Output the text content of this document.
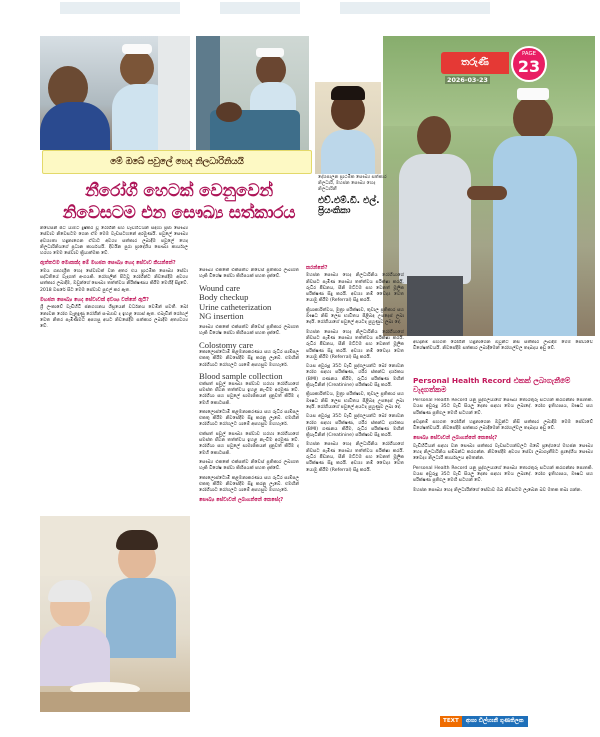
තරුණී
PAGE
23
2026-03-23
මේ ඔබේ පවුලේ හෙද නිලධාරිනියයි
නීරෝගී හෙටක් වෙනුවෙන්
නිවෙසටම එන සෞඛ්‍ය සත්කාරය
දේශපාලන ප්‍රාථමික සෞඛ්‍ය සත්කාර නිලධාරී, මහජන සෞඛ්‍ය හෙද නිලධාරිනී
එච්.එම්.ඩී. එල්. ප්‍රියංකිකා

නිවෙසින් පිට යාමට දුෂ්කර වූ රෝගීන් සහ වැඩිහිටියන් සඳහා ප්‍රජා සෞඛ්‍ය සේවාව නිවෙසටම ගෙන ඒම මෙම වැඩසටහනේ අරමුණයි. පවුලේ සෞඛ්‍ය අවශ්‍යතා හඳුනාගෙන ඒවාට අවශ්‍ය සත්කාර ලබාදීම පවුලේ හෙද නිලධාරිනියගේ ප්‍රධාන කාර්යයයි. දිවයින පුරා ප්‍රාදේශීය සෞඛ්‍ය කාර්යාල හරහා මෙම සේවාව ක්‍රියාත්මක වේ.

ඇත්තටම මොකක්ද මේ මහජන සෞඛ්‍ය හෙද සේවාව කියන්නේ?

මෙය ගෘහාශ්‍රිත හෙද සේවාවක් වන අතර එය ප්‍රාථමික සෞඛ්‍ය සේවා පද්ධතියේ වැදගත් අංගයකි. රෝහලින් පිටවූ රෝගීන්ට නිවසේදීම අවශ්‍ය සත්කාර ලබාදීම, ඔවුන්ගේ සෞඛ්‍ය තත්ත්වය නිරීක්ෂණය කිරීම මෙහිදී සිදුවේ. 2018 වසරේ සිට මෙම සේවාව පුළුල් කර ඇත.

මහජන සෞඛ්‍ය හෙද සේවාවක් අවශ්‍ය වන්නේ ඇයි?

ශ්‍රී ලංකාවේ වැඩිහිටි ජනගහනය ශීඝ්‍රයෙන් වර්ධනය වෙමින් පවතී. බෝ නොවන රෝග වැළඳුණු රෝගීන් සංඛ්‍යාව ද ඉහළ ගොස් ඇත. එබැවින් රෝහල් වෙත නිතර පැමිණීමට අපහසු අයට නිවසේදීම සත්කාර ලබාදීම අත්‍යවශ්‍ය වේ.

සෞඛ්‍ය එකකේ එක්සත්ව නිවෙස් ප්‍රතිකාර ලබාගත හැකි විශේෂ සේවා කිහිපයක් පහත දැක්වේ.

Wound care
Body checkup
Urine catheterization
NG insertion

සෞඛ්‍ය එකකේ එක්සත්ව නිවෙස් ප්‍රතිකාර ලබාගත හැකි විශේෂ සේවා කිහිපයක් පහත දැක්වේ.

Colostomy care

කොලොස්ටොමි කළමනාකරණය සහ රුධිර සාම්පල එකතු කිරීම නිවසේදීම සිදු කරනු ලැබේ. එමඟින් රෝගියාට රෝහලට යාමේ අපහසුව මඟහැරේ.

Blood sample collection

එක්සත් පවුල් සෞඛ්‍ය සේවාව හරහා රෝගියාගේ සමස්ත ජීවන තත්ත්වය ඉහළ නැංවීම අරමුණ වේ. රෝගියා සහ පවුලේ සාමාජිකයන් දැනුවත් කිරීම ද මෙහි කොටසකි.

කොලොස්ටොමි කළමනාකරණය සහ රුධිර සාම්පල එකතු කිරීම නිවසේදීම සිදු කරනු ලැබේ. එමඟින් රෝගියාට රෝහලට යාමේ අපහසුව මඟහැරේ.

එක්සත් පවුල් සෞඛ්‍ය සේවාව හරහා රෝගියාගේ සමස්ත ජීවන තත්ත්වය ඉහළ නැංවීම අරමුණ වේ. රෝගියා සහ පවුලේ සාමාජිකයන් දැනුවත් කිරීම ද මෙහි කොටසකි.

සෞඛ්‍ය එකකේ එක්සත්ව නිවෙස් ප්‍රතිකාර ලබාගත හැකි විශේෂ සේවා කිහිපයක් පහත දැක්වේ.

කොලොස්ටොමි කළමනාකරණය සහ රුධිර සාම්පල එකතු කිරීම නිවසේදීම සිදු කරනු ලැබේ. එමඟින් රෝගියාට රෝහලට යාමේ අපහසුව මඟහැරේ.

සෞඛ්‍ය සේවාවන් ලබාගන්නේ කෙසේද?
කරන්නේ?

මහජන සෞඛ්‍ය හෙද නිලධාරිනිය රෝගියාගේ නිවසට පැමිණ සෞඛ්‍ය තත්ත්වය පරීක්ෂා කරයි. රුධිර පීඩනය, සීනි මට්ටම සහ වෙනත් මූලික පරීක්ෂණ සිදු කරයි. අවශ්‍ය නම් වෛද්‍ය වෙත යොමු කිරීම (Referral) සිදු කරයි.

ක්‍රියාකාරිත්වය, මුත්‍රා පරීක්ෂාව, තුවාල ප්‍රතිකාර සහ ඖෂධ නිසි ලෙස භාවිතය පිළිබඳ උපදෙස් ලබා දෙයි. රෝගියාගේ පවුලේ අයටද පුහුණුව ලබා දේ.

මහජන සෞඛ්‍ය හෙද නිලධාරිනිය රෝගියාගේ නිවසට පැමිණ සෞඛ්‍ය තත්ත්වය පරීක්ෂා කරයි. රුධිර පීඩනය, සීනි මට්ටම සහ වෙනත් මූලික පරීක්ෂණ සිදු කරයි. අවශ්‍ය නම් වෛද්‍ය වෙත යොමු කිරීම (Referral) සිදු කරයි.

වයස අවුරුදු 35ට වැඩි පුද්ගලයන්ට බෝ නොවන රෝග සඳහා පරීක්ෂණ, ශරීර ස්කන්ධ දර්ශකය (BMI) ගණනය කිරීම, රුධිර පරීක්ෂණ මඟින් ක්‍රියැටිනින් (Creatinine) පරීක්ෂාව සිදු කරයි.

ක්‍රියාකාරිත්වය, මුත්‍රා පරීක්ෂාව, තුවාල ප්‍රතිකාර සහ ඖෂධ නිසි ලෙස භාවිතය පිළිබඳ උපදෙස් ලබා දෙයි. රෝගියාගේ පවුලේ අයටද පුහුණුව ලබා දේ.

වයස අවුරුදු 35ට වැඩි පුද්ගලයන්ට බෝ නොවන රෝග සඳහා පරීක්ෂණ, ශරීර ස්කන්ධ දර්ශකය (BMI) ගණනය කිරීම, රුධිර පරීක්ෂණ මඟින් ක්‍රියැටිනින් (Creatinine) පරීක්ෂාව සිදු කරයි.

මහජන සෞඛ්‍ය හෙද නිලධාරිනිය රෝගියාගේ නිවසට පැමිණ සෞඛ්‍ය තත්ත්වය පරීක්ෂා කරයි. රුධිර පීඩනය, සීනි මට්ටම සහ වෙනත් මූලික පරීක්ෂණ සිදු කරයි. අවශ්‍ය නම් වෛද්‍ය වෙත යොමු කිරීම (Referral) සිදු කරයි.

අවදානම් සහගත රෝගීන් හඳුනාගෙන ඔවුන්ට නිසි සත්කාර ලබාදීම මෙම සේවාවේ විශේෂත්වයයි. නිවසේදීම සත්කාර ලබාදීමෙන් රෝහල්වල තදබදය අඩු වේ.

Personal Health Record එකක් ලබාගැනීමේ වැදගත්කම

Personal Health Record යනු පුද්ගලයාගේ සෞඛ්‍ය තොරතුරු සටහන් කරගන්නා පොතකි. වයස අවුරුදු 35ට වැඩි සියලු දෙනා සඳහා මෙය ලබාදේ. රෝග ඉතිහාසය, ඖෂධ සහ පරීක්ෂණ ප්‍රතිඵල මෙහි සටහන් වේ.

අවදානම් සහගත රෝගීන් හඳුනාගෙන ඔවුන්ට නිසි සත්කාර ලබාදීම මෙම සේවාවේ විශේෂත්වයයි. නිවසේදීම සත්කාර ලබාදීමෙන් රෝහල්වල තදබදය අඩු වේ.

සෞඛ්‍ය සේවාවන් ලබාගන්නේ කෙසේද?

වැඩිහිටියන් සඳහා වන සෞඛ්‍ය සත්කාර වැඩසටහන්වලට ඔබේ ප්‍රදේශයේ මහජන සෞඛ්‍ය හෙද නිලධාරිනිය සම්බන්ධ කරගන්න. නිවසේදීම අවශ්‍ය සේවා ලබාගැනීමට ප්‍රාදේශීය සෞඛ්‍ය වෛද්‍ය නිලධාරී කාර්යාලය අමතන්න.

Personal Health Record යනු පුද්ගලයාගේ සෞඛ්‍ය තොරතුරු සටහන් කරගන්නා පොතකි. වයස අවුරුදු 35ට වැඩි සියලු දෙනා සඳහා මෙය ලබාදේ. රෝග ඉතිහාසය, ඖෂධ සහ පරීක්ෂණ ප්‍රතිඵල මෙහි සටහන් වේ.

මහජන සෞඛ්‍ය හෙද නිලධාරීන්ගේ සේවාව ඔබ නිවසටම ලැබෙන බව මතක තබා ගන්න.

TEXT ආශා ඩිල්හානී ගුණතිලක
